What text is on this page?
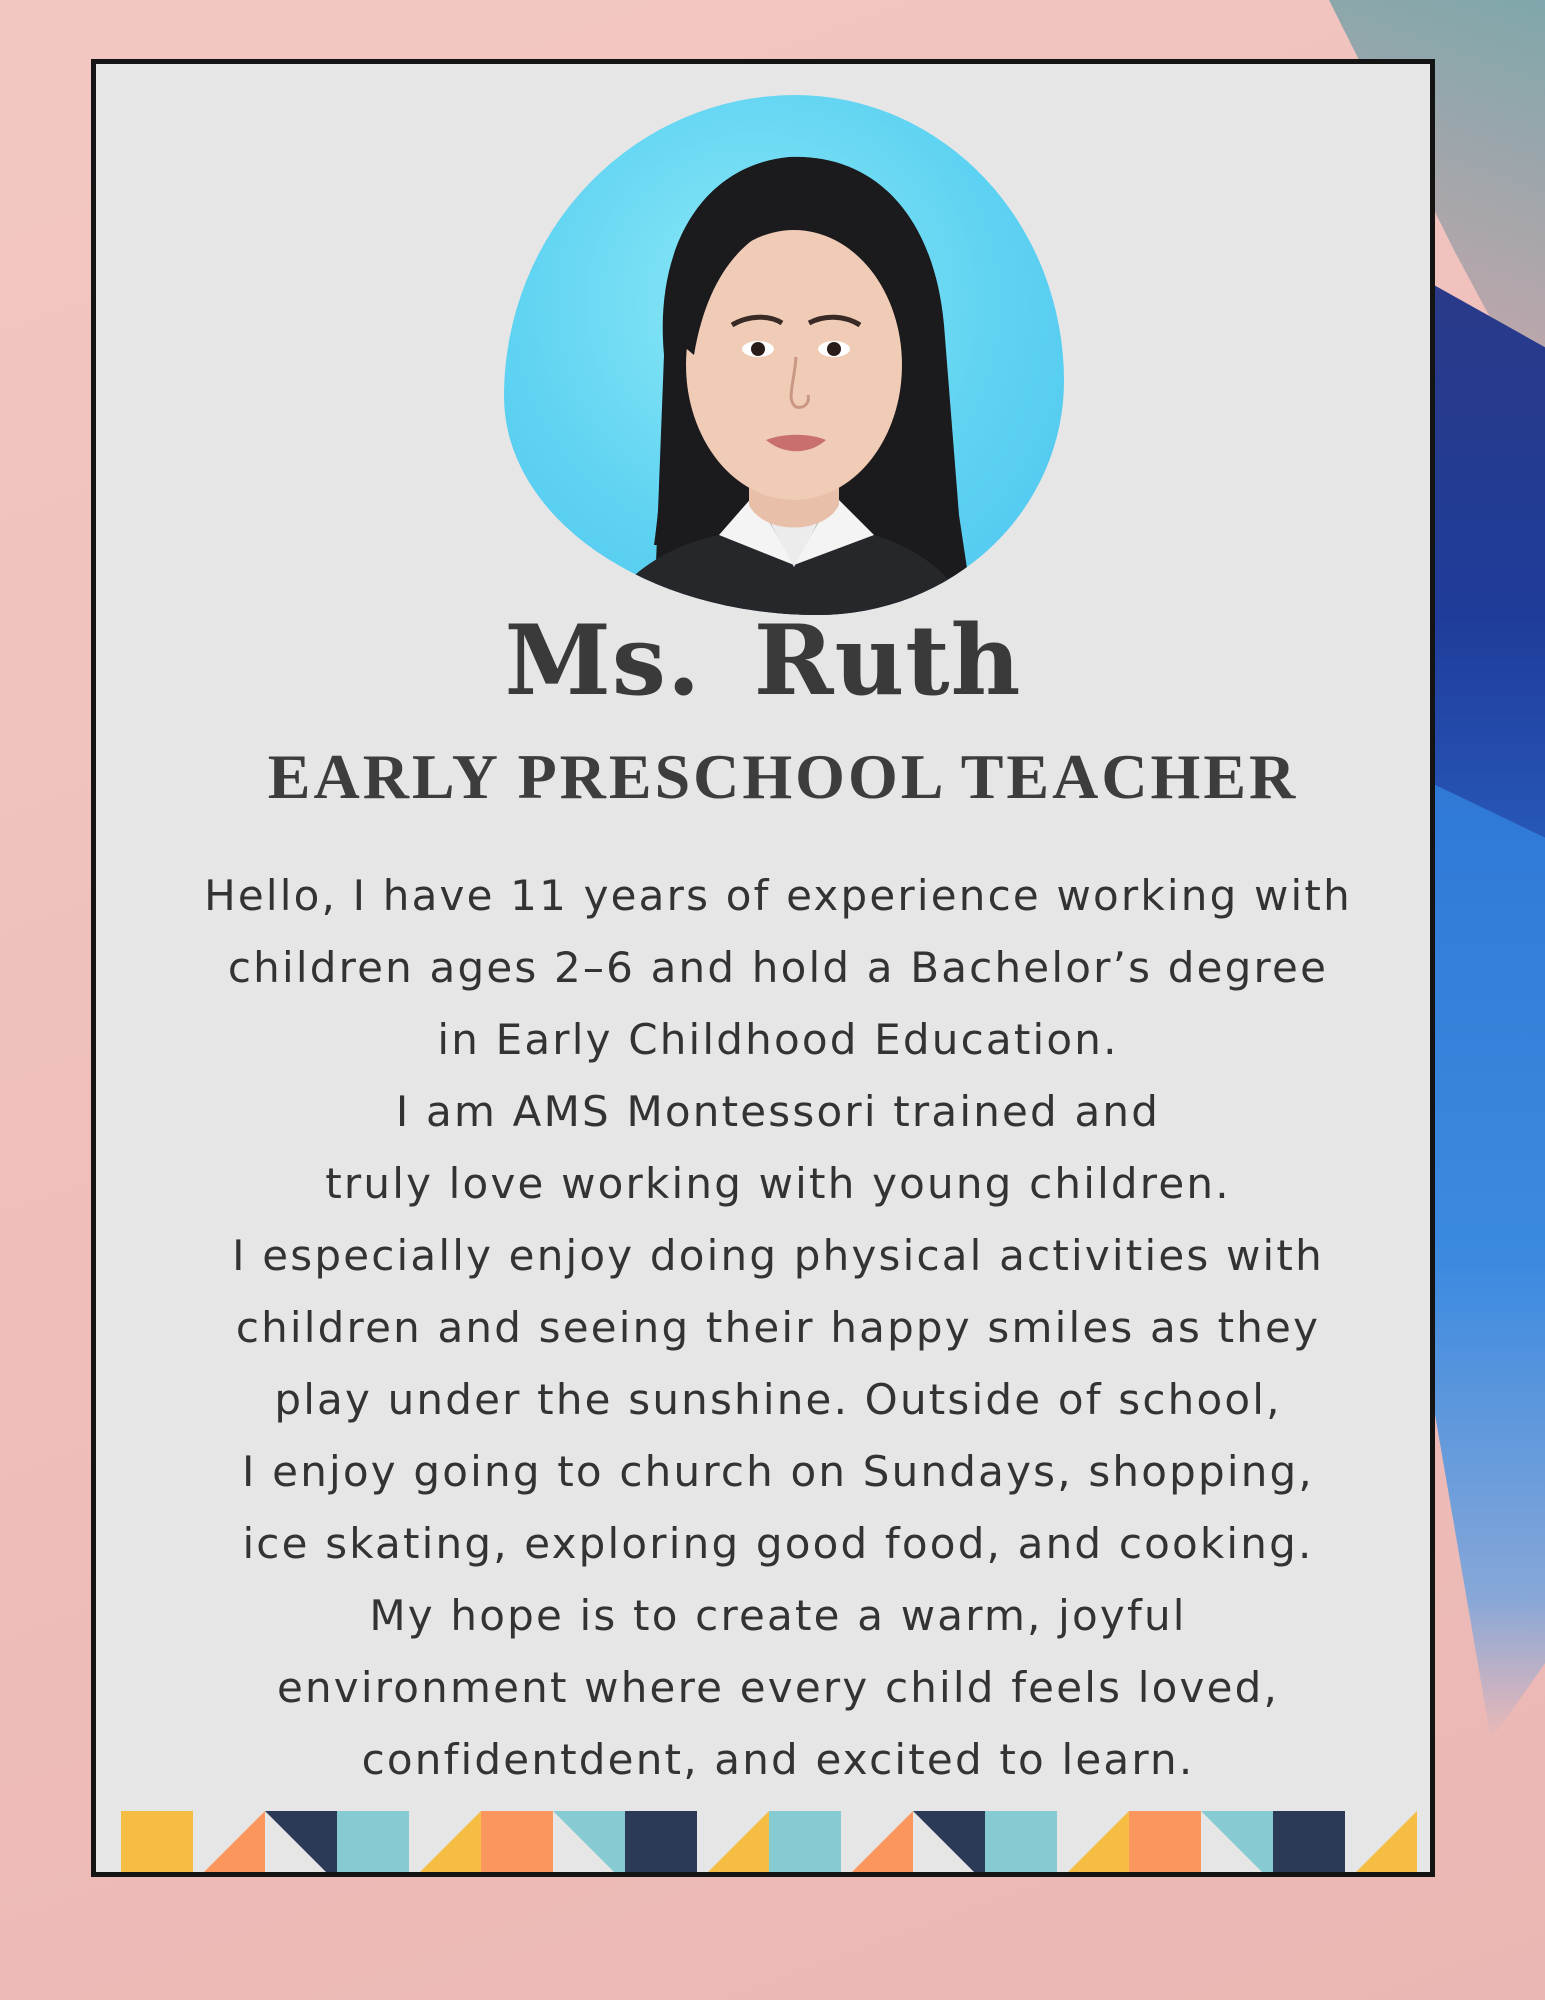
Ms. Ruth
EARLY PRESCHOOL TEACHER
Hello, I have 11 years of experience working with
children ages 2–6 and hold a Bachelor’s degree
in Early Childhood Education.
I am AMS Montessori trained and
truly love working with young children.
I especially enjoy doing physical activities with
children and seeing their happy smiles as they
play under the sunshine. Outside of school,
I enjoy going to church on Sundays, shopping,
ice skating, exploring good food, and cooking.
My hope is to create a warm, joyful
environment where every child feels loved,
confidentdent, and excited to learn.
